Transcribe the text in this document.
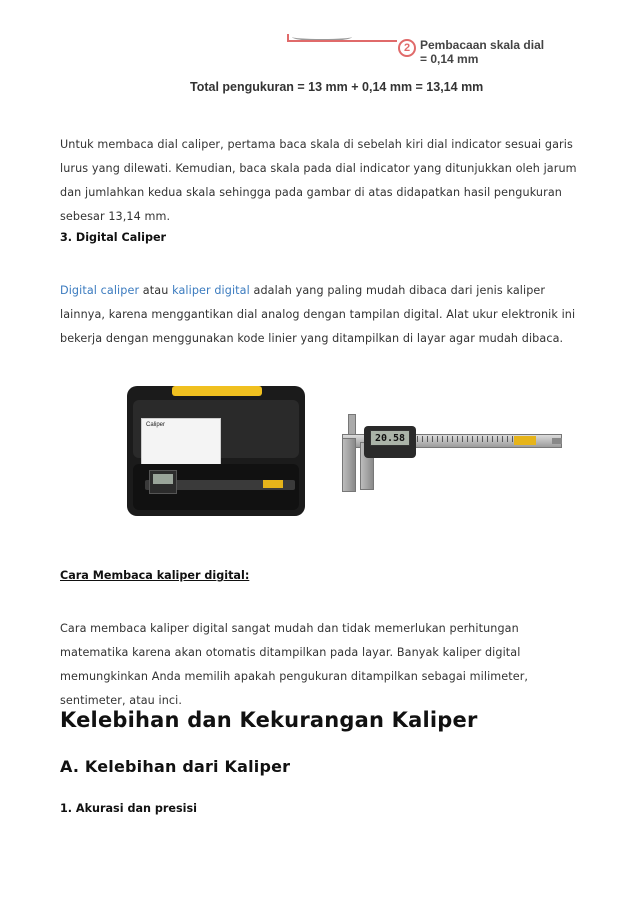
2 Pembacaan skala dial
= 0,14 mm
Total pengukuran = 13 mm + 0,14 mm = 13,14 mm

Untuk membaca dial caliper, pertama baca skala di sebelah kiri dial indicator sesuai garis lurus yang dilewati. Kemudian, baca skala pada dial indicator yang ditunjukkan oleh jarum dan jumlahkan kedua skala sehingga pada gambar di atas didapatkan hasil pengukuran sebesar 13,14 mm.

3. Digital Caliper

Digital caliper atau kaliper digital adalah yang paling mudah dibaca dari jenis kaliper lainnya, karena menggantikan dial analog dengan tampilan digital. Alat ukur elektronik ini bekerja dengan menggunakan kode linier yang ditampilkan di layar agar mudah dibaca.

Caliper
20.58
Cara Membaca kaliper digital:

Cara membaca kaliper digital sangat mudah dan tidak memerlukan perhitungan matematika karena akan otomatis ditampilkan pada layar. Banyak kaliper digital memungkinkan Anda memilih apakah pengukuran ditampilkan sebagai milimeter, sentimeter, atau inci.

Kelebihan dan Kekurangan Kaliper
A. Kelebihan dari Kaliper
1. Akurasi dan presisi
